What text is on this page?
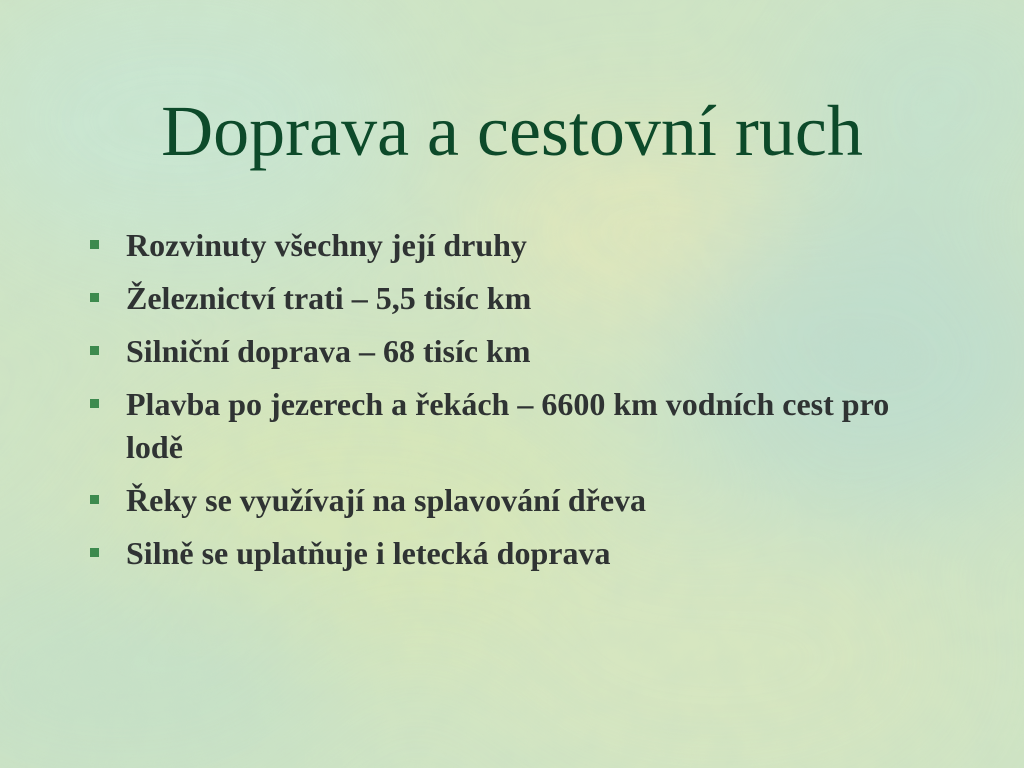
Doprava a cestovní ruch
Rozvinuty všechny její druhy
Železnictví trati – 5,5 tisíc km
Silniční doprava – 68 tisíc km
Plavba po jezerech a řekách – 6600 km vodních cest pro lodě
Řeky se využívají na splavování dřeva
Silně se uplatňuje i letecká doprava
